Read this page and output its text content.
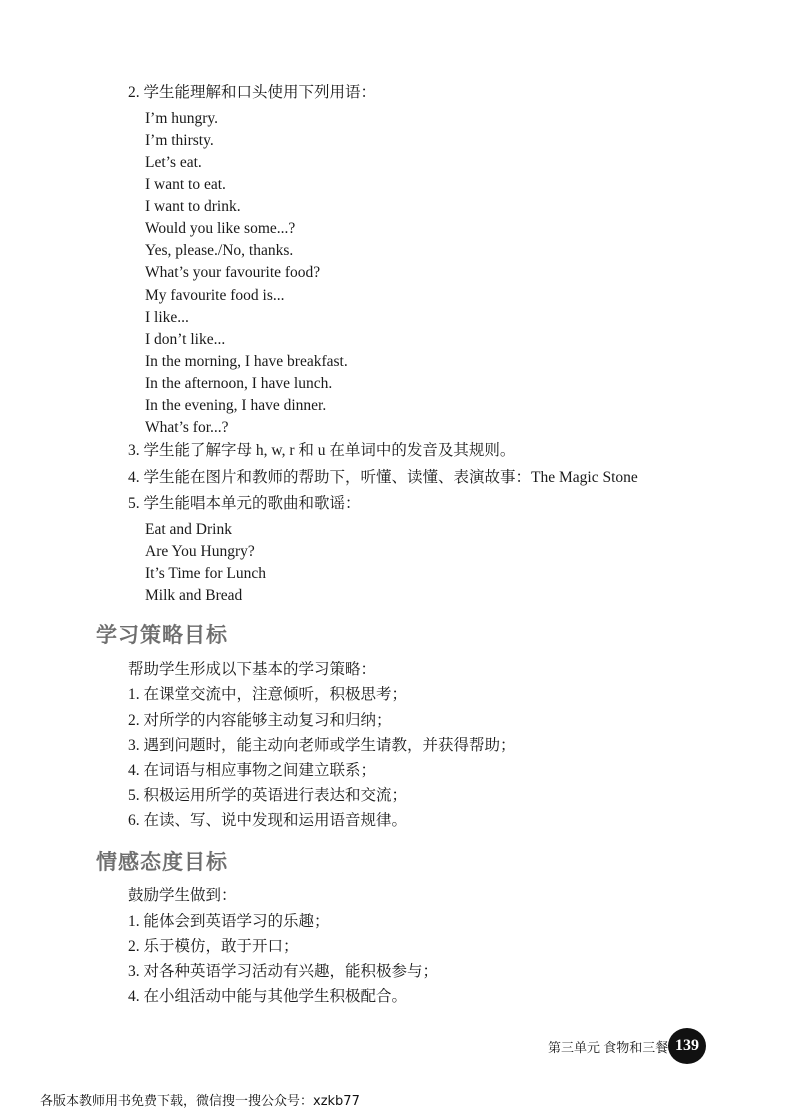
2. 学生能理解和口头使用下列用语：
I’m hungry.
I’m thirsty.
Let’s eat.
I want to eat.
I want to drink.
Would you like some...?
Yes, please./No, thanks.
What’s your favourite food?
My favourite food is...
I like...
I don’t like...
In the morning, I have breakfast.
In the afternoon, I have lunch.
In the evening, I have dinner.
What’s for...?
3. 学生能了解字母 h, w, r 和 u 在单词中的发音及其规则。
4. 学生能在图片和教师的帮助下，听懂、读懂、表演故事：The Magic Stone
5. 学生能唱本单元的歌曲和歌谣：
Eat and Drink
Are You Hungry?
It’s Time for Lunch
Milk and Bread
学习策略目标
帮助学生形成以下基本的学习策略：
1. 在课堂交流中，注意倾听，积极思考；
2. 对所学的内容能够主动复习和归纳；
3. 遇到问题时，能主动向老师或学生请教，并获得帮助；
4. 在词语与相应事物之间建立联系；
5. 积极运用所学的英语进行表达和交流；
6. 在读、写、说中发现和运用语音规律。
情感态度目标
鼓励学生做到：
1. 能体会到英语学习的乐趣；
2. 乐于模仿，敢于开口；
3. 对各种英语学习活动有兴趣，能积极参与；
4. 在小组活动中能与其他学生积极配合。
第三单元 食物和三餐 139
各版本教师用书免费下载，微信搜一搜公众号：xzkb77
